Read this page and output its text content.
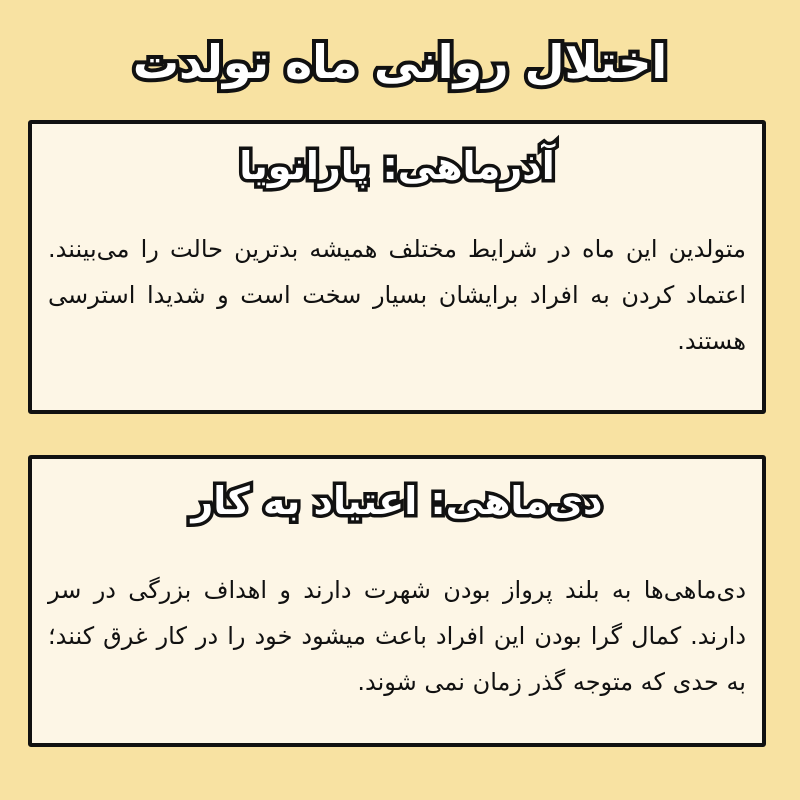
اختلال روانی ماه تولدت
آذرماهی: پارانویا

متولدین این ماه در شرایط مختلف همیشه بدترین حالت را می‌بینند. اعتماد کردن به افراد برایشان بسیار سخت است و شدیدا استرسی هستند.

دی‌ماهی: اعتیاد به کار

دی‌ماهی‌ها به بلند پرواز بودن شهرت دارند و اهداف بزرگی در سر دارند. کمال گرا بودن این افراد باعث میشود خود را در کار غرق کنند؛ به حدی که متوجه گذر زمان نمی شوند.
